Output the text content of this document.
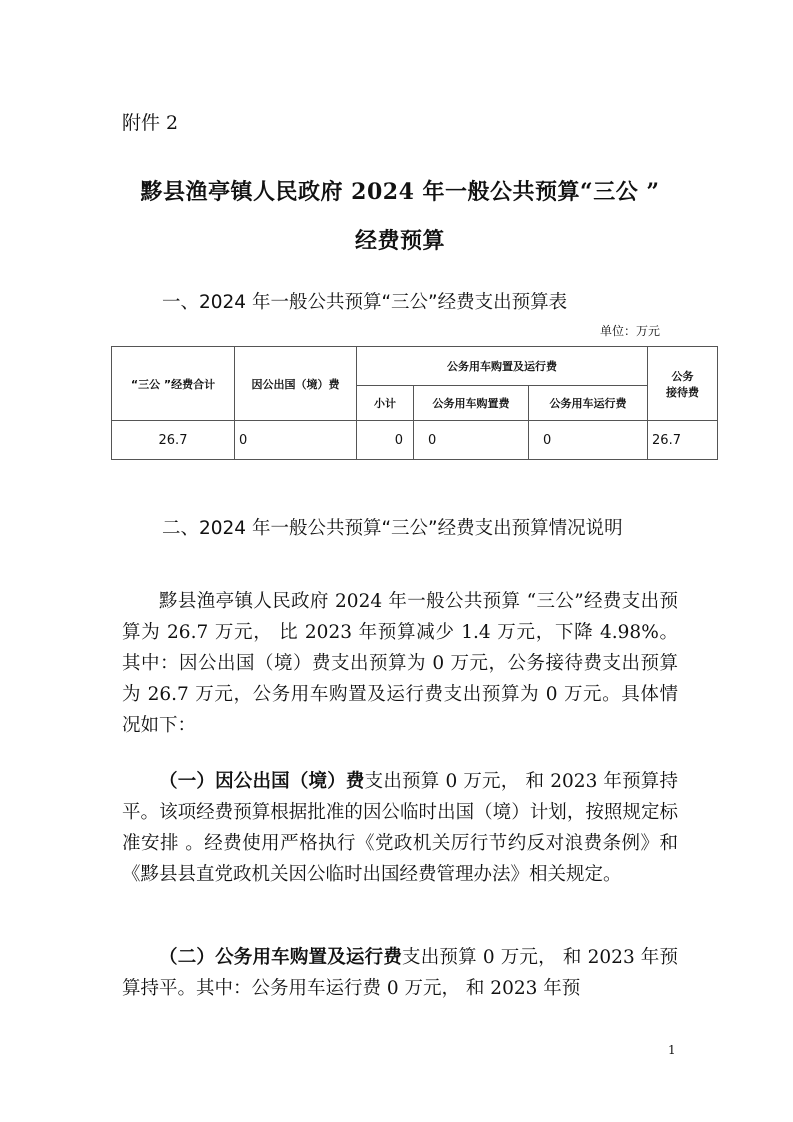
附件 2
黟县渔亭镇人民政府 2024 年一般公共预算“三公 ”
经费预算
一、2024 年一般公共预算“三公”经费支出预算表
单位：万元
“三公 ”经费合计	因公出国（境）费	公务用车购置及运行费			公务
接待费

		小计	公务用车购置费	公务用车运行费	
26.7	0	0	0	0	26.7

二、2024 年一般公共预算“三公”经费支出预算情况说明

黟县渔亭镇人民政府 2024 年一般公共预算 “三公”经费支出预算为 26.7 万元， 比 2023 年预算减少 1.4 万元，下降 4.98%。其中：因公出国（境）费支出预算为 0 万元，公务接待费支出预算为 26.7 万元，公务用车购置及运行费支出预算为 0 万元。具体情况如下：

（一）因公出国（境）费支出预算 0 万元， 和 2023 年预算持平。该项经费预算根据批准的因公临时出国（境）计划，按照规定标准安排 。经费使用严格执行《党政机关厉行节约反对浪费条例》和《黟县县直党政机关因公临时出国经费管理办法》相关规定。

（二）公务用车购置及运行费支出预算 0 万元， 和 2023 年预算持平。其中：公务用车运行费 0 万元， 和 2023 年预

1
